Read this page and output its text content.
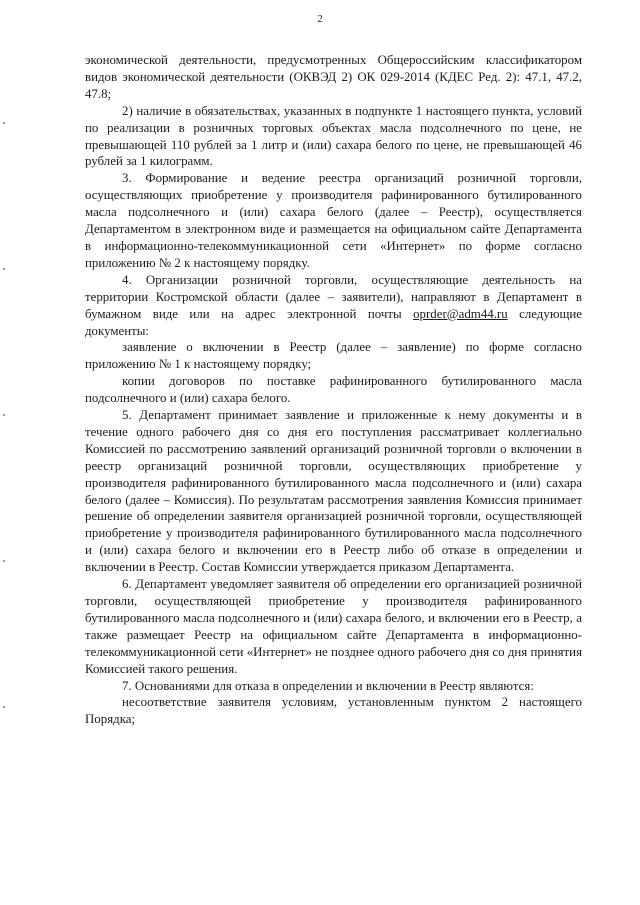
2

экономической деятельности, предусмотренных Общероссийским классификатором видов экономической деятельности (ОКВЭД 2) ОК 029-2014 (КДЕС Ред. 2): 47.1, 47.2, 47.8;

2) наличие в обязательствах, указанных в подпункте 1 настоящего пункта, условий по реализации в розничных торговых объектах масла подсолнечного по цене, не превышающей 110 рублей за 1 литр и (или) сахара белого по цене, не превышающей 46 рублей за 1 килограмм.

3. Формирование и ведение реестра организаций розничной торговли, осуществляющих приобретение у производителя рафинированного бутилированного масла подсолнечного и (или) сахара белого (далее – Реестр), осуществляется Департаментом в электронном виде и размещается на официальном сайте Департамента в информационно-телекоммуникационной сети «Интернет» по форме согласно приложению № 2 к настоящему порядку.

4. Организации розничной торговли, осуществляющие деятельность на территории Костромской области (далее – заявители), направляют в Департамент в бумажном виде или на адрес электронной почты oprder@adm44.ru следующие документы:

заявление о включении в Реестр (далее – заявление) по форме согласно приложению № 1 к настоящему порядку;

копии договоров по поставке рафинированного бутилированного масла подсолнечного и (или) сахара белого.

5. Департамент принимает заявление и приложенные к нему документы и в течение одного рабочего дня со дня его поступления рассматривает коллегиально Комиссией по рассмотрению заявлений организаций розничной торговли о включении в реестр организаций розничной торговли, осуществляющих приобретение у производителя рафинированного бутилированного масла подсолнечного и (или) сахара белого (далее – Комиссия). По результатам рассмотрения заявления Комиссия принимает решение об определении заявителя организацией розничной торговли, осуществляющей приобретение у производителя рафинированного бутилированного масла подсолнечного и (или) сахара белого и включении его в Реестр либо об отказе в определении и включении в Реестр. Состав Комиссии утверждается приказом Департамента.

6. Департамент уведомляет заявителя об определении его организацией розничной торговли, осуществляющей приобретение у производителя рафинированного бутилированного масла подсолнечного и (или) сахара белого, и включении его в Реестр, а также размещает Реестр на официальном сайте Департамента в информационно-телекоммуникационной сети «Интернет» не позднее одного рабочего дня со дня принятия Комиссией такого решения.

7. Основаниями для отказа в определении и включении в Реестр являются:

несоответствие заявителя условиям, установленным пунктом 2 настоящего Порядка;
